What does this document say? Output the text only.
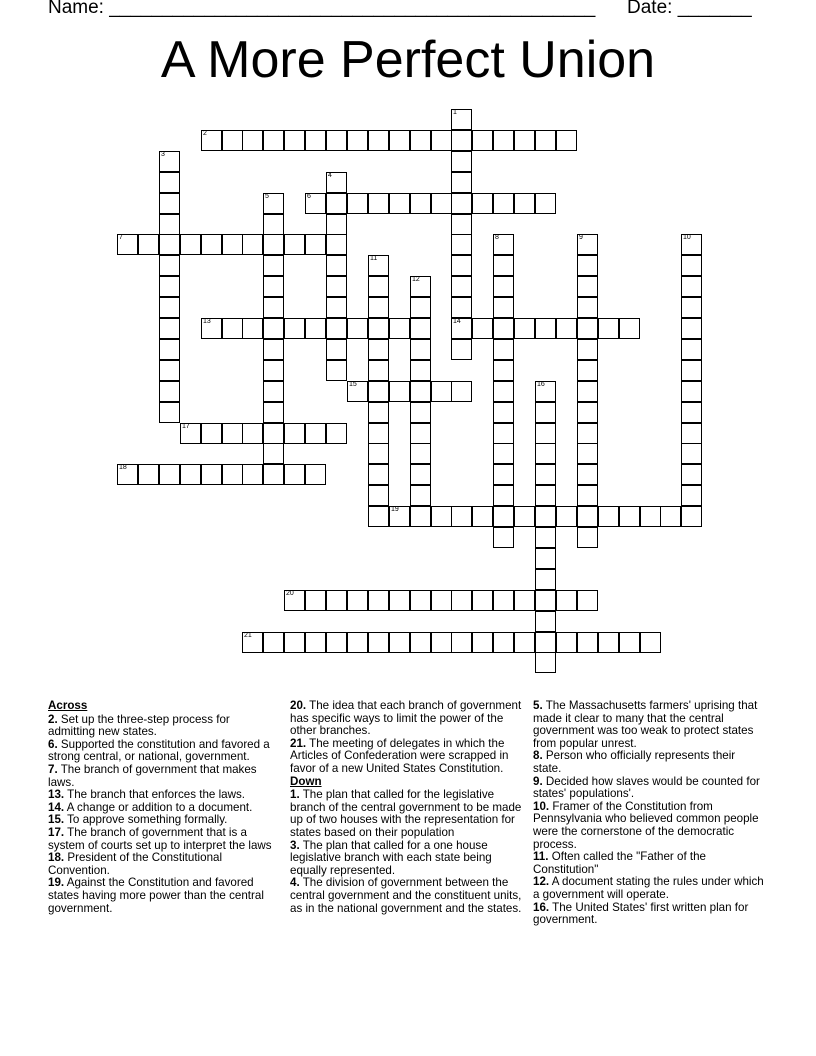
Name: ______________________________________________ Date: _______
A More Perfect Union
1
14
2
3
4
5	6
7	8	9	10
11
12
13
15	16
17
18
19
20
21
Across
2. Set up the three-step process for admitting new states.
6. Supported the constitution and favored a strong central, or national, government.
7. The branch of government that makes laws.
13. The branch that enforces the laws.
14. A change or addition to a document.
15. To approve something formally.
17. The branch of government that is a system of courts set up to interpret the laws
18. President of the Constitutional Convention.
19. Against the Constitution and favored states having more power than the central government.
20. The idea that each branch of government has specific ways to limit the power of the other branches.
21. The meeting of delegates in which the Articles of Confederation were scrapped in favor of a new United States Constitution.
Down
1. The plan that called for the legislative branch of the central government to be made up of two houses with the representation for states based on their population
3. The plan that called for a one house legislative branch with each state being equally represented.
4. The division of government between the central government and the constituent units, as in the national government and the states.
5. The Massachusetts farmers' uprising that made it clear to many that the central government was too weak to protect states from popular unrest.
8. Person who officially represents their state.
9. Decided how slaves would be counted for states' populations'.
10. Framer of the Constitution from Pennsylvania who believed common people were the cornerstone of the democratic process.
11. Often called the "Father of the Constitution"
12. A document stating the rules under which a government will operate.
16. The United States' first written plan for government.
